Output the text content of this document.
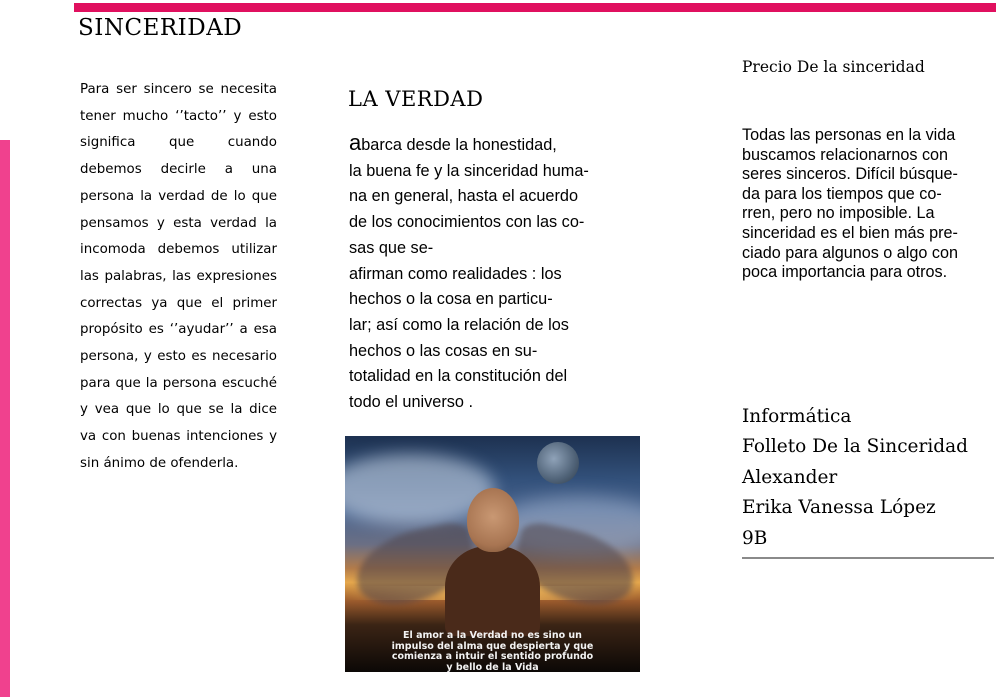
SINCERIDAD

Para ser sincero se necesita tener mucho ‘’tacto’’ y esto significa que cuando debemos decirle a una persona la verdad de lo que pensamos y esta verdad la incomoda debemos utilizar las palabras, las expresiones correctas ya que el primer propósito es ‘’ayudar’’ a esa persona, y esto es necesario para que la persona escuché y vea que lo que se la dice va con buenas intenciones y sin ánimo de ofenderla.

LA VERDAD
abarca desde la honestidad,
la buena fe y la sinceridad huma-
na en general, hasta el acuerdo
de los conocimientos con las co-
sas que se-
afirman como realidades : los
hechos o la cosa en particu-
lar; así como la relación de los
hechos o las cosas en su-
totalidad en la constitución del
todo el universo .
El amor a la Verdad no es sino un
impulso del alma que despierta y que
comienza a intuir el sentido profundo
y bello de la Vida
Precio De la sinceridad
Todas las personas en la vida
buscamos relacionarnos con
seres sinceros. Difícil búsque-
da para los tiempos que co-
rren, pero no imposible. La
sinceridad es el bien más pre-
ciado para algunos o algo con
poca importancia para otros.
Informática
Folleto De la Sinceridad
Alexander
Erika Vanessa López
9B
